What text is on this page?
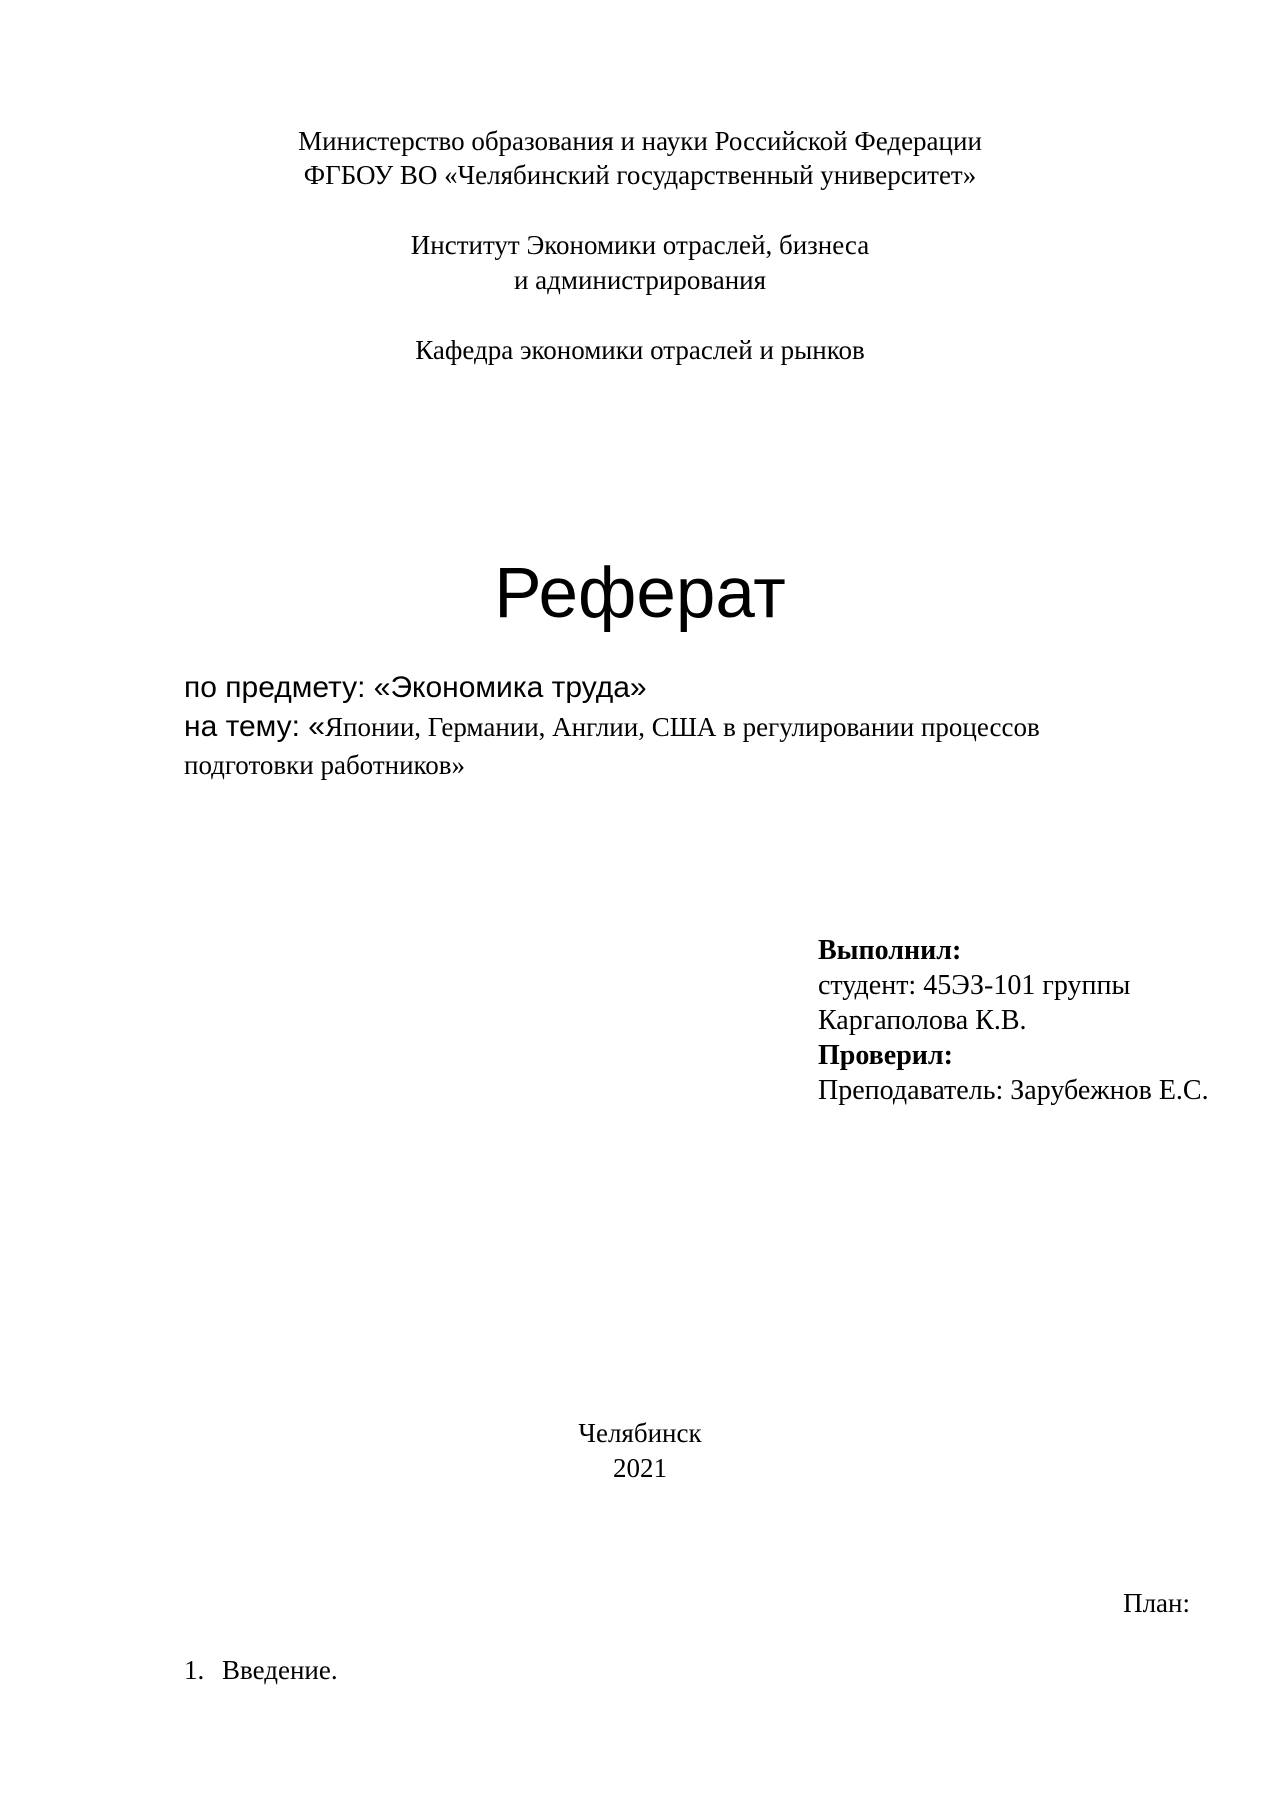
Министерство образования и науки Российской Федерации
ФГБОУ ВО «Челябинский государственный университет»
Институт Экономики отраслей, бизнеса
и администрирования
Кафедра экономики отраслей и рынков
Реферат
по предмету: «Экономика труда»
на тему: «Японии, Германии, Англии, США в регулировании процессов
подготовки работников»
Выполнил:
студент: 45ЭЗ-101 группы
Каргаполова К.В.
Проверил:
Преподаватель: Зарубежнов Е.С.
Челябинск
2021
План:
1. Введение.
